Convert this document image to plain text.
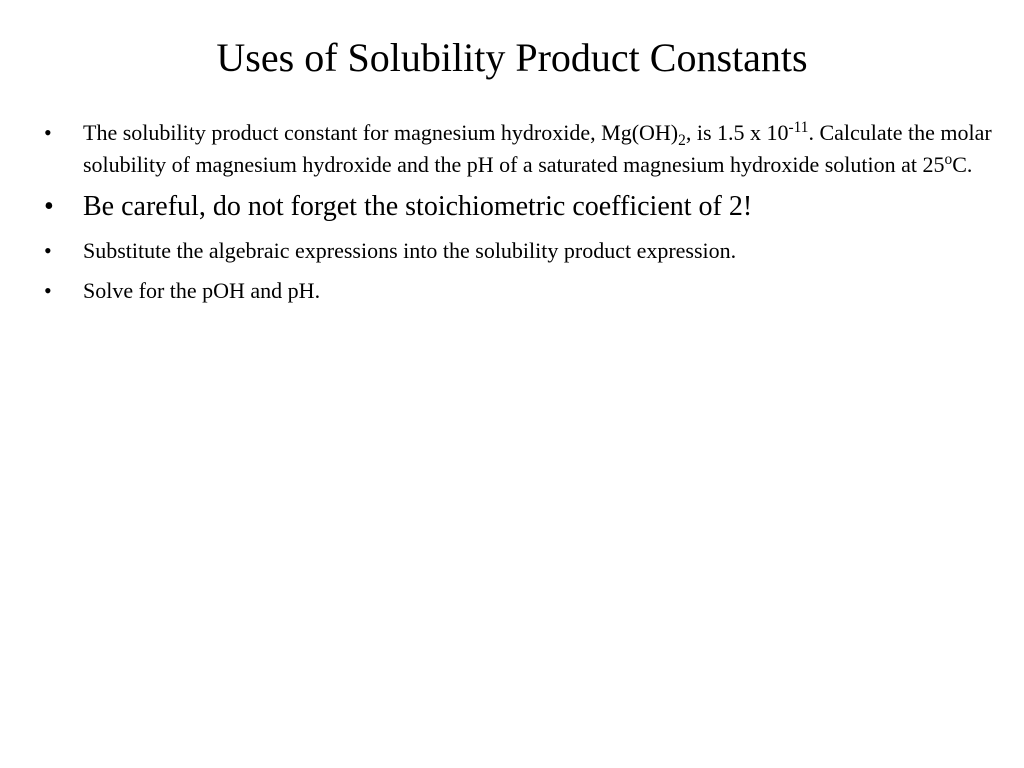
Uses of Solubility Product Constants
• The solubility product constant for magnesium hydroxide, $Mg(OH)_2$, is 1.5 x $10^{-11}$. Calculate the molar solubility of magnesium hydroxide and the pH of a saturated magnesium hydroxide solution at 25$^o$C.
• Be careful, do not forget the stoichiometric coefficient of 2!
• Substitute the algebraic expressions into the solubility product expression.
• Solve for the pOH and pH.
